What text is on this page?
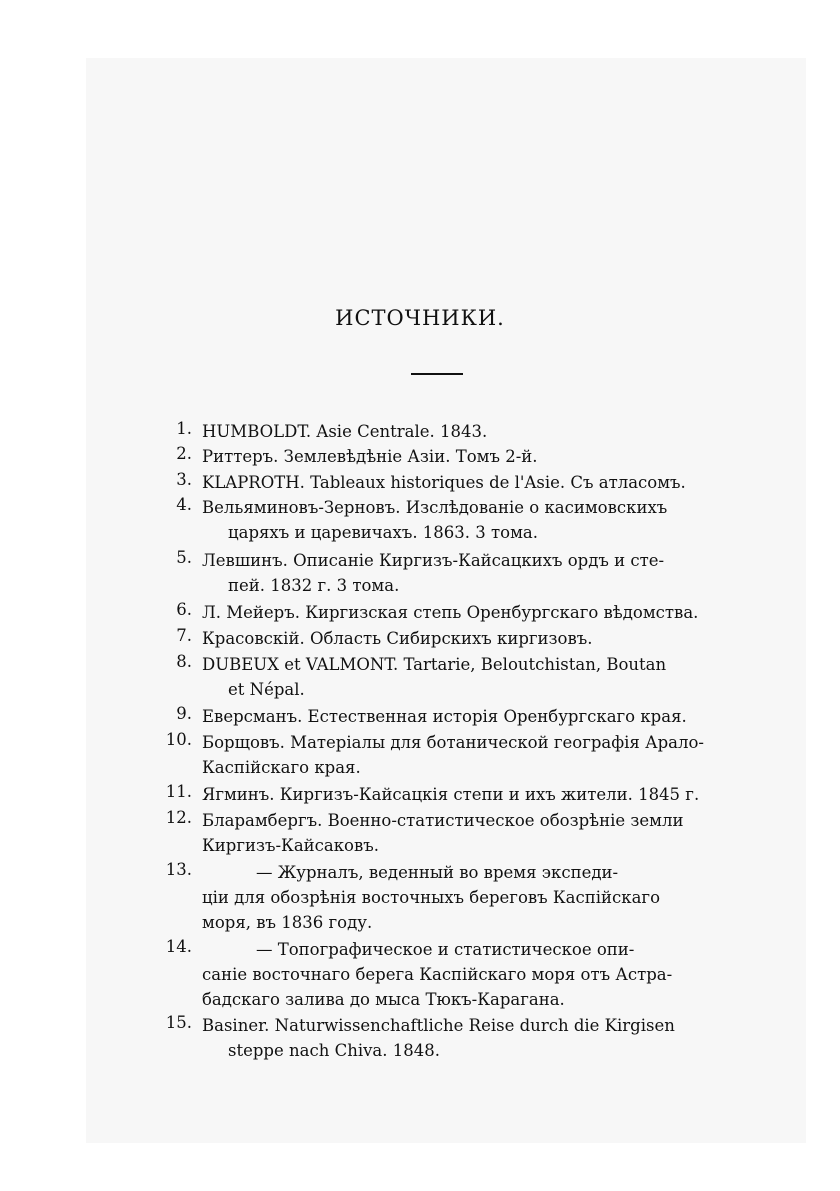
ИСТОЧНИКИ.
1. HUMBOLDT. Asie Centrale. 1843.
2. Риттеръ. Землевѣдѣніе Азіи. Томъ 2-й.
3. KLAPROTH. Tableaux historiques de l'Asie. Съ атласомъ.
4. Вельяминовъ-Зерновъ. Изслѣдованіе о касимовскихъ
царяхъ и царевичахъ. 1863. 3 тома.
5. Левшинъ. Описаніе Киргизъ-Кайсацкихъ ордъ и сте-
пей. 1832 г. 3 тома.
6. Л. Мейеръ. Киргизская степь Оренбургскаго вѣдомства.
7. Красовскій. Область Сибирскихъ киргизовъ.
8. DUBEUX et VALMONT. Tartarie, Beloutchistan, Boutan
et Népal.
9. Еверсманъ. Естественная исторія Оренбургскаго края.
10. Борщовъ. Матеріалы для ботанической географія Арало-
Каспійскаго края.
11. Ягминъ. Киргизъ-Кайсацкія степи и ихъ жители. 1845 г.
12. Бларамбергъ. Военно-статистическое обозрѣніе земли
Киргизъ-Кайсаковъ.
13.	— Журналъ, веденный во время экспеди-
ціи для обозрѣнія восточныхъ береговъ Каспійскаго
моря, въ 1836 году.
14.	— Топографическое и статистическое опи-
саніе восточнаго берега Каспійскаго моря отъ Астра-
бадскаго залива до мыса Тюкъ-Карагана.
15. Basiner. Naturwissenchaftliche Reise durch die Kirgisen
steppe nach Chiva. 1848.
